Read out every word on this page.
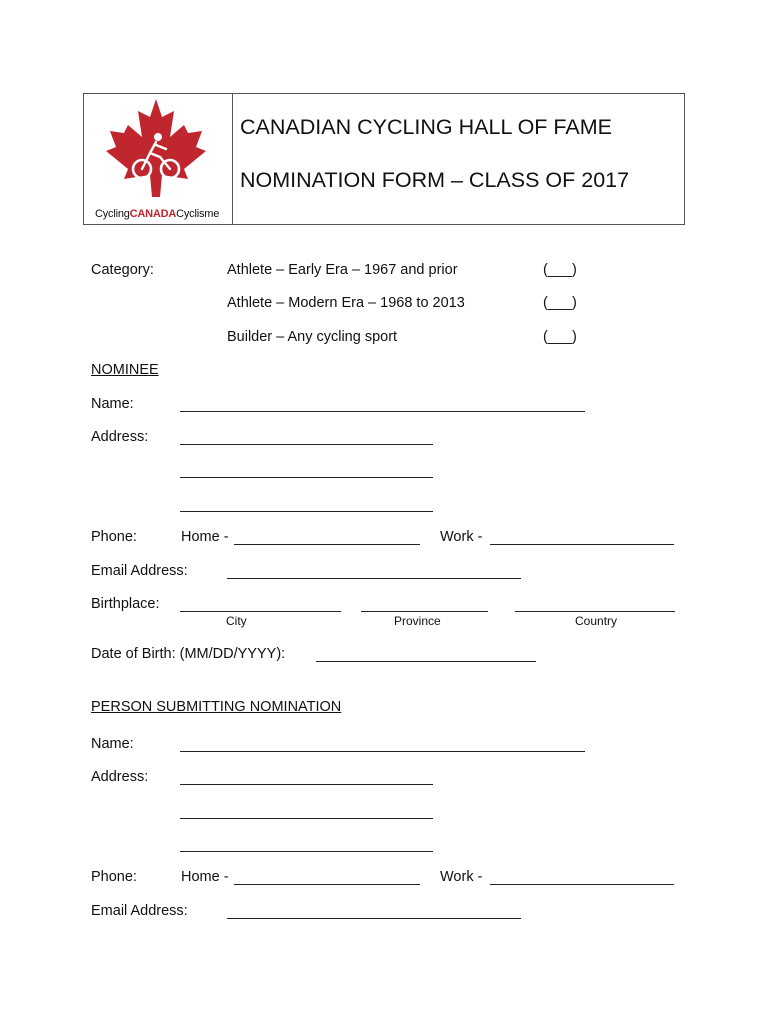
CyclingCANADACyclisme
CANADIAN CYCLING HALL OF FAME
NOMINATION FORM – CLASS OF 2017
Category:	Athlete – Early Era – 1967 and prior	(___)
Athlete – Modern Era – 1968 to 2013	(___)
Builder – Any cycling sport	(___)
NOMINEE
Name:
Address:
Phone:	Home -	Work -
Email Address:
Birthplace:
City	Province	Country
Date of Birth: (MM/DD/YYYY):
PERSON SUBMITTING NOMINATION
Name:
Address:
Phone:	Home -	Work -
Email Address:
